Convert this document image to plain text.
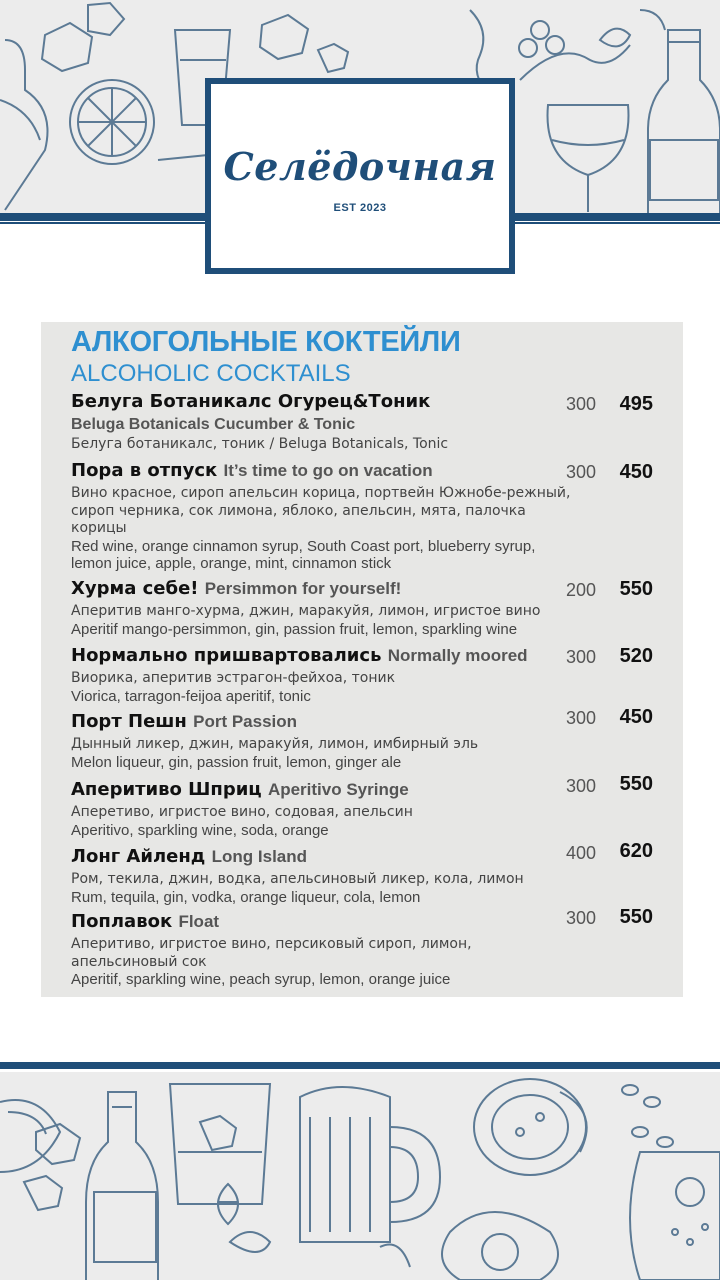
Селёдочная
EST 2023
АЛКОГОЛЬНЫЕ КОКТЕЙЛИ
ALCOHOLIC COCKTAILS
Белуга Ботаникалс Огурец&Тоник
Beluga Botanicals Cucumber & Tonic
Белуга ботаникалс, тоник / Beluga Botanicals, Tonic
300	495
Пора в отпуск It’s time to go on vacation
Вино красное, сироп апельсин корица, портвейн Южнобе-режный, сироп черника, сок лимона, яблоко, апельсин, мята, палочка корицы
Red wine, orange cinnamon syrup, South Coast port, blueberry syrup, lemon juice, apple, orange, mint, cinnamon stick
300	450
Хурма себе! Persimmon for yourself!
Аперитив манго-хурма, джин, маракуйя, лимон, игристое вино
Aperitif mango-persimmon, gin, passion fruit, lemon, sparkling wine
200	550
Нормально пришвартовались Normally moored
Виорика, аперитив эстрагон-фейхоа, тоник
Viorica, tarragon-feijoa aperitif, tonic
300	520
Порт Пешн Port Passion
Дынный ликер, джин, маракуйя, лимон, имбирный эль
Melon liqueur, gin, passion fruit, lemon, ginger ale
300	450
Аперитиво Шприц Aperitivo Syringe
Аперетиво, игристое вино, содовая, апельсин
Aperitivo, sparkling wine, soda, orange
300	550
Лонг Айленд Long Island
Ром, текила, джин, водка, апельсиновый ликер, кола, лимон
Rum, tequila, gin, vodka, orange liqueur, cola, lemon
400	620
Поплавок Float
Аперитиво, игристое вино, персиковый сироп, лимон, апельсиновый сок
Aperitif, sparkling wine, peach syrup, lemon, orange juice
300	550
